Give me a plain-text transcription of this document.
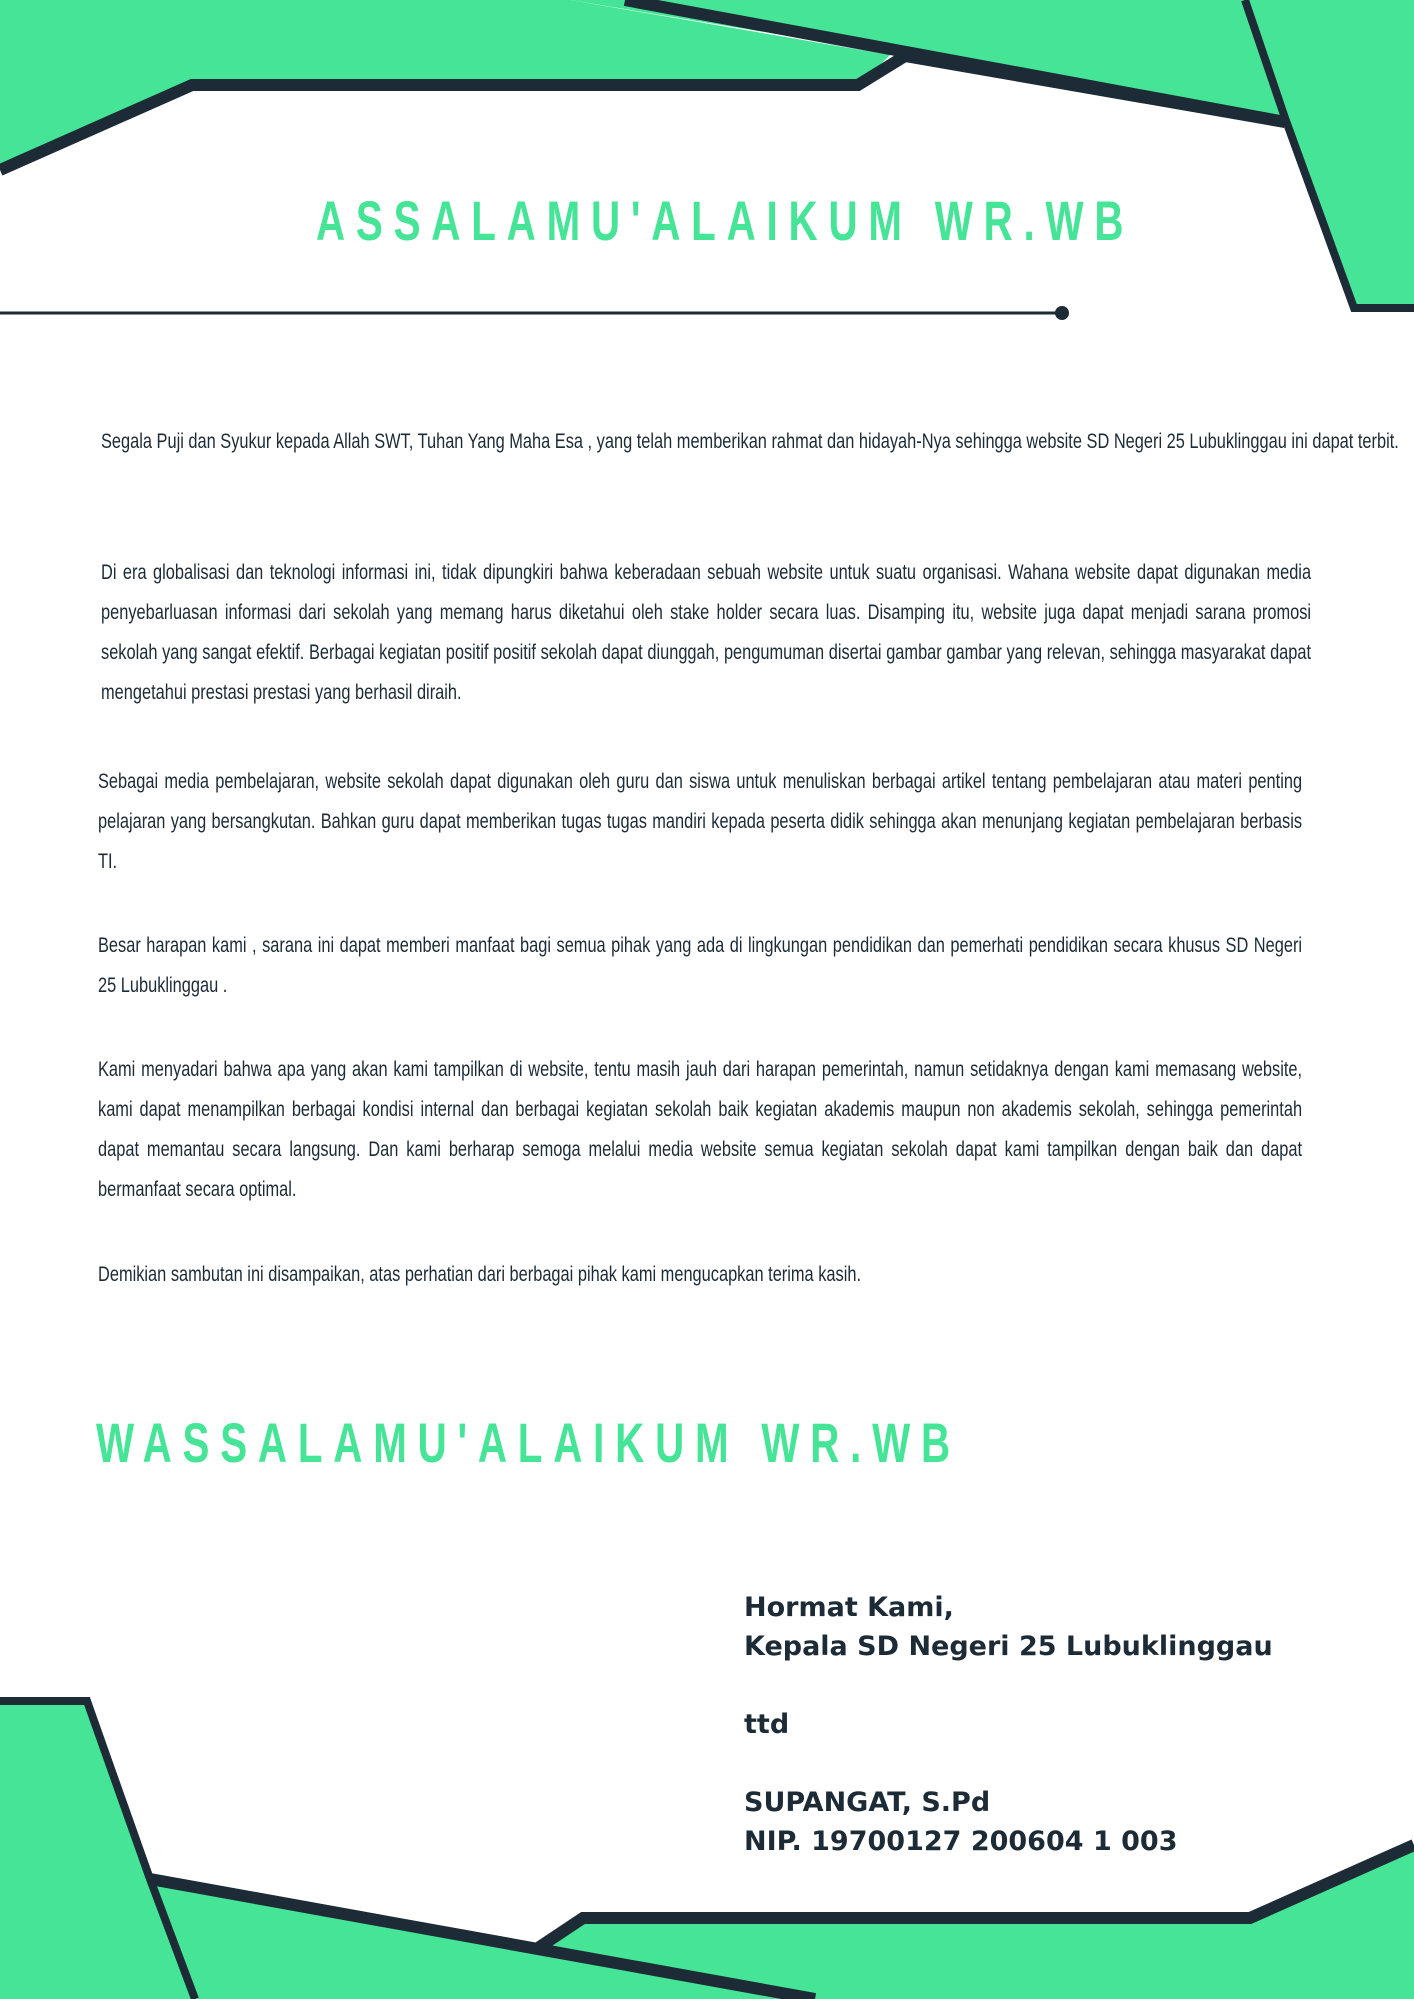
ASSALAMU'ALAIKUM WR.WB
Segala Puji dan Syukur kepada Allah SWT, Tuhan Yang Maha Esa , yang telah memberikan rahmat dan hidayah-Nya sehingga website SD Negeri 25 Lubuklinggau ini dapat terbit.
Di era globalisasi dan teknologi informasi ini, tidak dipungkiri bahwa keberadaan sebuah website untuk suatu organisasi. Wahana website dapat digunakan media penyebarluasan informasi dari sekolah yang memang harus diketahui oleh stake holder secara luas. Disamping itu, website juga dapat menjadi sarana promosi sekolah yang sangat efektif. Berbagai kegiatan positif positif sekolah dapat diunggah, pengumuman disertai gambar gambar yang relevan, sehingga masyarakat dapat mengetahui prestasi prestasi yang berhasil diraih.
Sebagai media pembelajaran, website sekolah dapat digunakan oleh guru dan siswa untuk menuliskan berbagai artikel tentang pembelajaran atau materi penting pelajaran yang bersangkutan. Bahkan guru dapat memberikan tugas tugas mandiri kepada peserta didik sehingga akan menunjang kegiatan pembelajaran berbasis TI.
Besar harapan kami , sarana ini dapat memberi manfaat bagi semua pihak yang ada di lingkungan pendidikan dan pemerhati pendidikan secara khusus SD Negeri 25 Lubuklinggau .
Kami menyadari bahwa apa yang akan kami tampilkan di website, tentu masih jauh dari harapan pemerintah, namun setidaknya dengan kami memasang website, kami dapat menampilkan berbagai kondisi internal dan berbagai kegiatan sekolah baik kegiatan akademis maupun non akademis sekolah, sehingga pemerintah dapat memantau secara langsung. Dan kami berharap semoga melalui media website semua kegiatan sekolah dapat kami tampilkan dengan baik dan dapat bermanfaat secara optimal.
Demikian sambutan ini disampaikan, atas perhatian dari berbagai pihak kami mengucapkan terima kasih.
WASSALAMU'ALAIKUM WR.WB
Hormat Kami,
Kepala SD Negeri 25 Lubuklinggau
ttd
SUPANGAT, S.Pd
NIP. 19700127 200604 1 003
